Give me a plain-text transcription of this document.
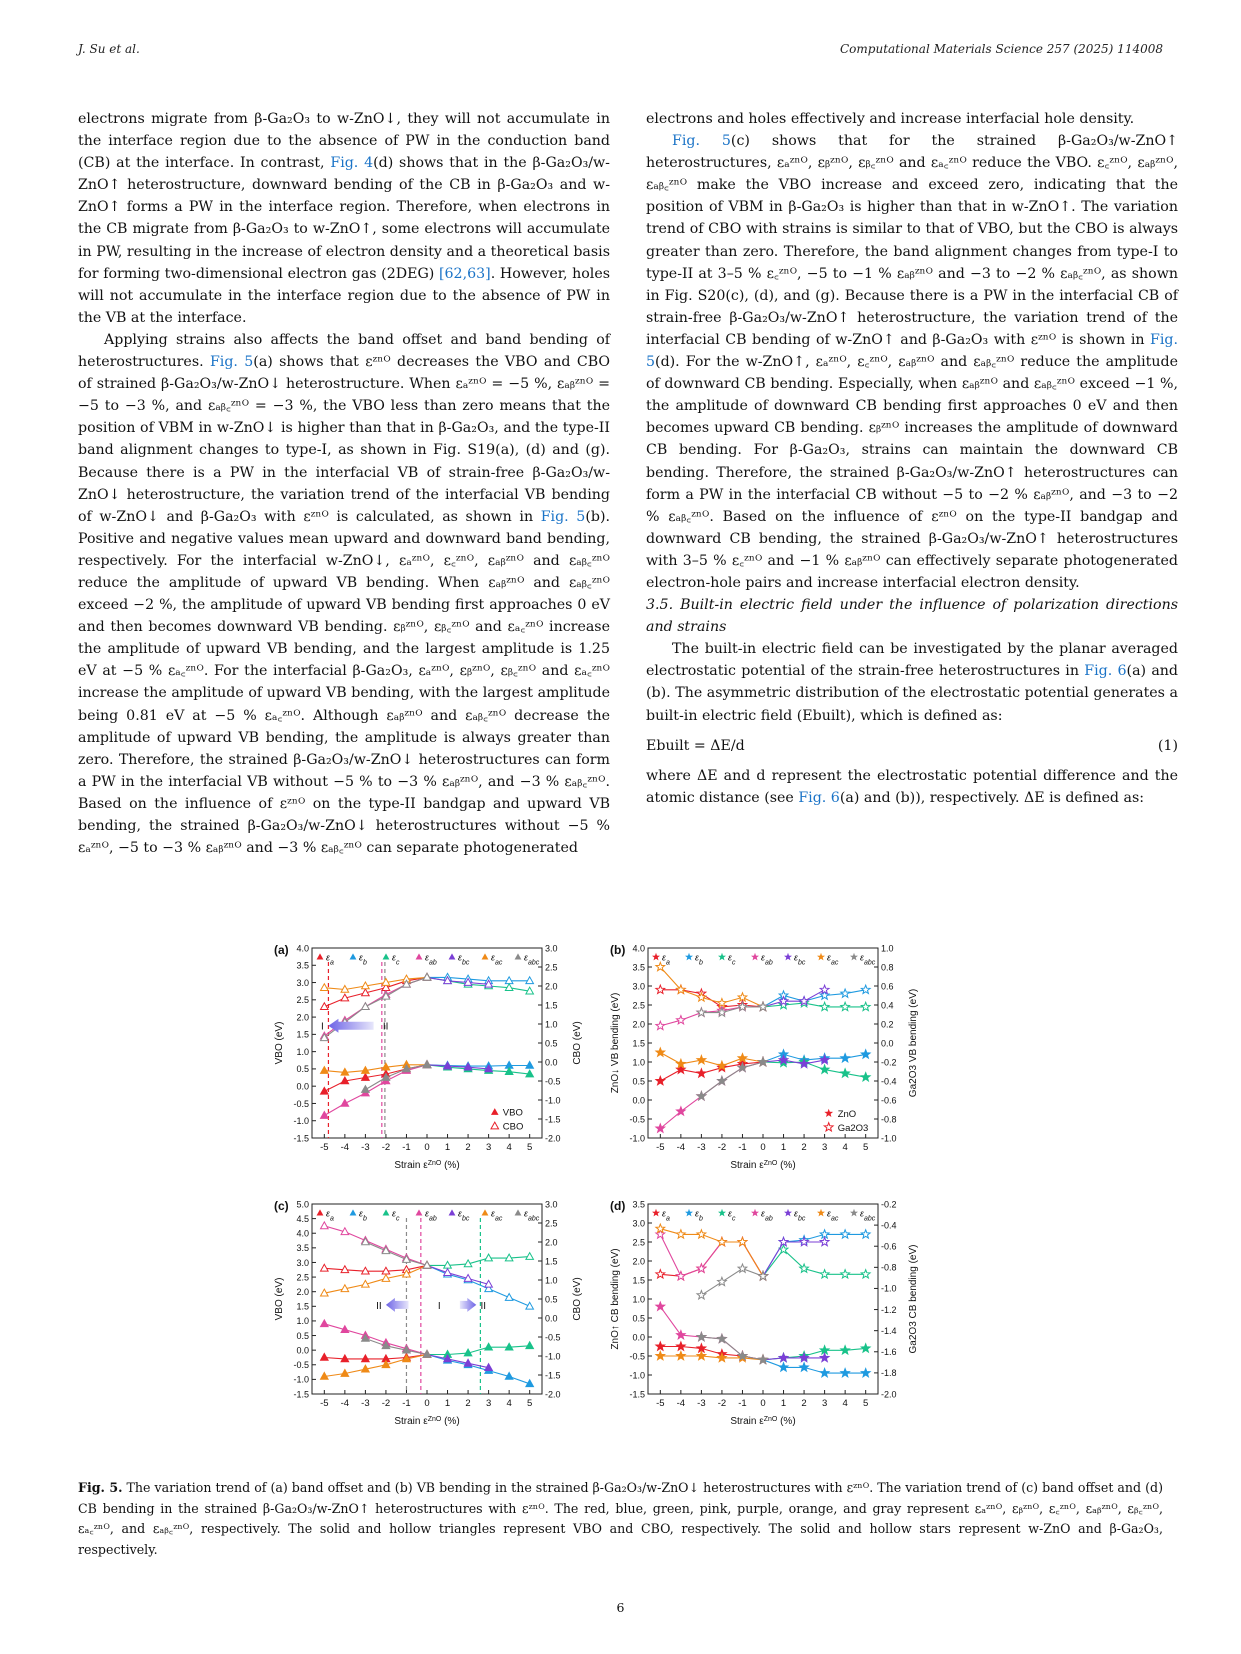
J. Su et al.	Computational Materials Science 257 (2025) 114008

electrons migrate from β-Ga₂O₃ to w-ZnO↓, they will not accumulate in the interface region due to the absence of PW in the conduction band (CB) at the interface. In contrast, Fig. 4(d) shows that in the β-Ga₂O₃/w-ZnO↑ heterostructure, downward bending of the CB in β-Ga₂O₃ and w-ZnO↑ forms a PW in the interface region. Therefore, when electrons in the CB migrate from β-Ga₂O₃ to w-ZnO↑, some electrons will accumulate in PW, resulting in the increase of electron density and a theoretical basis for forming two-dimensional electron gas (2DEG) [62,63]. However, holes will not accumulate in the interface region due to the absence of PW in the VB at the interface.

Applying strains also affects the band offset and band bending of heterostructures. Fig. 5(a) shows that εᶻⁿᴼ decreases the VBO and CBO of strained β-Ga₂O₃/w-ZnO↓ heterostructure. When εₐᶻⁿᴼ = −5 %, εₐᵦᶻⁿᴼ = −5 to −3 %, and εₐᵦ꜀ᶻⁿᴼ = −3 %, the VBO less than zero means that the position of VBM in w-ZnO↓ is higher than that in β-Ga₂O₃, and the type-II band alignment changes to type-I, as shown in Fig. S19(a), (d) and (g). Because there is a PW in the interfacial VB of strain-free β-Ga₂O₃/w-ZnO↓ heterostructure, the variation trend of the interfacial VB bending of w-ZnO↓ and β-Ga₂O₃ with εᶻⁿᴼ is calculated, as shown in Fig. 5(b). Positive and negative values mean upward and downward band bending, respectively. For the interfacial w-ZnO↓, εₐᶻⁿᴼ, ε꜀ᶻⁿᴼ, εₐᵦᶻⁿᴼ and εₐᵦ꜀ᶻⁿᴼ reduce the amplitude of upward VB bending. When εₐᵦᶻⁿᴼ and εₐᵦ꜀ᶻⁿᴼ exceed −2 %, the amplitude of upward VB bending first approaches 0 eV and then becomes downward VB bending. εᵦᶻⁿᴼ, εᵦ꜀ᶻⁿᴼ and εₐ꜀ᶻⁿᴼ increase the amplitude of upward VB bending, and the largest amplitude is 1.25 eV at −5 % εₐ꜀ᶻⁿᴼ. For the interfacial β-Ga₂O₃, εₐᶻⁿᴼ, εᵦᶻⁿᴼ, εᵦ꜀ᶻⁿᴼ and εₐ꜀ᶻⁿᴼ increase the amplitude of upward VB bending, with the largest amplitude being 0.81 eV at −5 % εₐ꜀ᶻⁿᴼ. Although εₐᵦᶻⁿᴼ and εₐᵦ꜀ᶻⁿᴼ decrease the amplitude of upward VB bending, the amplitude is always greater than zero. Therefore, the strained β-Ga₂O₃/w-ZnO↓ heterostructures can form a PW in the interfacial VB without −5 % to −3 % εₐᵦᶻⁿᴼ, and −3 % εₐᵦ꜀ᶻⁿᴼ. Based on the influence of εᶻⁿᴼ on the type-II bandgap and upward VB bending, the strained β-Ga₂O₃/w-ZnO↓ heterostructures without −5 % εₐᶻⁿᴼ, −5 to −3 % εₐᵦᶻⁿᴼ and −3 % εₐᵦ꜀ᶻⁿᴼ can separate photogenerated

electrons and holes effectively and increase interfacial hole density.

Fig. 5(c) shows that for the strained β-Ga₂O₃/w-ZnO↑ heterostructures, εₐᶻⁿᴼ, εᵦᶻⁿᴼ, εᵦ꜀ᶻⁿᴼ and εₐ꜀ᶻⁿᴼ reduce the VBO. ε꜀ᶻⁿᴼ, εₐᵦᶻⁿᴼ, εₐᵦ꜀ᶻⁿᴼ make the VBO increase and exceed zero, indicating that the position of VBM in β-Ga₂O₃ is higher than that in w-ZnO↑. The variation trend of CBO with strains is similar to that of VBO, but the CBO is always greater than zero. Therefore, the band alignment changes from type-I to type-II at 3–5 % ε꜀ᶻⁿᴼ, −5 to −1 % εₐᵦᶻⁿᴼ and −3 to −2 % εₐᵦ꜀ᶻⁿᴼ, as shown in Fig. S20(c), (d), and (g). Because there is a PW in the interfacial CB of strain-free β-Ga₂O₃/w-ZnO↑ heterostructure, the variation trend of the interfacial CB bending of w-ZnO↑ and β-Ga₂O₃ with εᶻⁿᴼ is shown in Fig. 5(d). For the w-ZnO↑, εₐᶻⁿᴼ, ε꜀ᶻⁿᴼ, εₐᵦᶻⁿᴼ and εₐᵦ꜀ᶻⁿᴼ reduce the amplitude of downward CB bending. Especially, when εₐᵦᶻⁿᴼ and εₐᵦ꜀ᶻⁿᴼ exceed −1 %, the amplitude of downward CB bending first approaches 0 eV and then becomes upward CB bending. εᵦᶻⁿᴼ increases the amplitude of downward CB bending. For β-Ga₂O₃, strains can maintain the downward CB bending. Therefore, the strained β-Ga₂O₃/w-ZnO↑ heterostructures can form a PW in the interfacial CB without −5 to −2 % εₐᵦᶻⁿᴼ, and −3 to −2 % εₐᵦ꜀ᶻⁿᴼ. Based on the influence of εᶻⁿᴼ on the type-II bandgap and downward CB bending, the strained β-Ga₂O₃/w-ZnO↑ heterostructures with 3–5 % ε꜀ᶻⁿᴼ and −1 % εₐᵦᶻⁿᴼ can effectively separate photogenerated electron-hole pairs and increase interfacial electron density.

3.5. Built-in electric field under the influence of polarization directions and strains

The built-in electric field can be investigated by the planar averaged electrostatic potential of the strain-free heterostructures in Fig. 6(a) and (b). The asymmetric distribution of the electrostatic potential generates a built-in electric field (Ebuilt), which is defined as:

Ebuilt = ΔE/d	(1)

where ΔE and d represent the electrostatic potential difference and the atomic distance (see Fig. 6(a) and (b)), respectively. ΔE is defined as:

-5 -4 -3 -2 -1 0 1 2 3 4 5
-1.5
-1.0
-0.5
0.0
0.5
1.0
1.5
2.0
2.5
3.0
3.5
4.0
-2.0
-1.5
-1.0
-0.5
0.0
0.5
1.0
1.5
2.0
2.5
3.0
Strain $\varepsilon^{ZnO}$ (%)
VBO (eV)	CBO (eV)
(a)
$\varepsilon_a$	$\varepsilon_b$	$\varepsilon_c$	$\varepsilon_{ab}$ $\varepsilon_{bc}$ $\varepsilon_{ac}$ $\varepsilon_{abc}$
I	II
VBO
CBO
-5 -4 -3 -2 -1 0 1 2 3 4 5
-1.0
-0.5
0.0
0.5
1.0
1.5
2.0
2.5
3.0
3.5
4.0
-1.0
-0.8
-0.6
-0.4
-0.2
0.0
0.2
0.4
0.6
0.8
1.0
Strain $\varepsilon^{ZnO}$ (%)
ZnO↓ VB bending (eV)	Ga2O3 VB bending (eV)
(b)
$\varepsilon_a$	$\varepsilon_b$	$\varepsilon_c$	$\varepsilon_{ab}$ $\varepsilon_{bc}$ $\varepsilon_{ac}$ $\varepsilon_{abc}$
ZnO
Ga2O3
-5 -4 -3 -2 -1 0 1 2 3 4 5
-1.5
-1.0
-0.5
0.0
0.5
1.0
1.5
2.0
2.5
3.0
3.5
4.0
4.5
5.0
-2.0
-1.5
-1.0
-0.5
0.0
0.5
1.0
1.5
2.0
2.5
3.0
Strain $\varepsilon^{ZnO}$ (%)
VBO (eV)	CBO (eV)
(c)
$\varepsilon_a$	$\varepsilon_b$	$\varepsilon_c$	$\varepsilon_{ab}$ $\varepsilon_{bc}$ $\varepsilon_{ac}$ $\varepsilon_{abc}$
II	I	II
-5 -4 -3 -2 -1 0 1 2 3 4 5
-1.5
-1.0
-0.5
0.0
0.5
1.0
1.5
2.0
2.5
3.0
3.5
-2.0
-1.8
-1.6
-1.4
-1.2
-1.0
-0.8
-0.6
-0.4
-0.2
Strain $\varepsilon^{ZnO}$ (%)
ZnO↑ CB bending (eV)	Ga2O3 CB bending (eV)
(d)
$\varepsilon_a$	$\varepsilon_b$	$\varepsilon_c$	$\varepsilon_{ab}$ $\varepsilon_{bc}$ $\varepsilon_{ac}$ $\varepsilon_{abc}$
Fig. 5. The variation trend of (a) band offset and (b) VB bending in the strained β-Ga₂O₃/w-ZnO↓ heterostructures with εᶻⁿᴼ. The variation trend of (c) band offset and (d) CB bending in the strained β-Ga₂O₃/w-ZnO↑ heterostructures with εᶻⁿᴼ. The red, blue, green, pink, purple, orange, and gray represent εₐᶻⁿᴼ, εᵦᶻⁿᴼ, ε꜀ᶻⁿᴼ, εₐᵦᶻⁿᴼ, εᵦ꜀ᶻⁿᴼ, εₐ꜀ᶻⁿᴼ, and εₐᵦ꜀ᶻⁿᴼ, respectively. The solid and hollow triangles represent VBO and CBO, respectively. The solid and hollow stars represent w-ZnO and β-Ga₂O₃, respectively.
6
